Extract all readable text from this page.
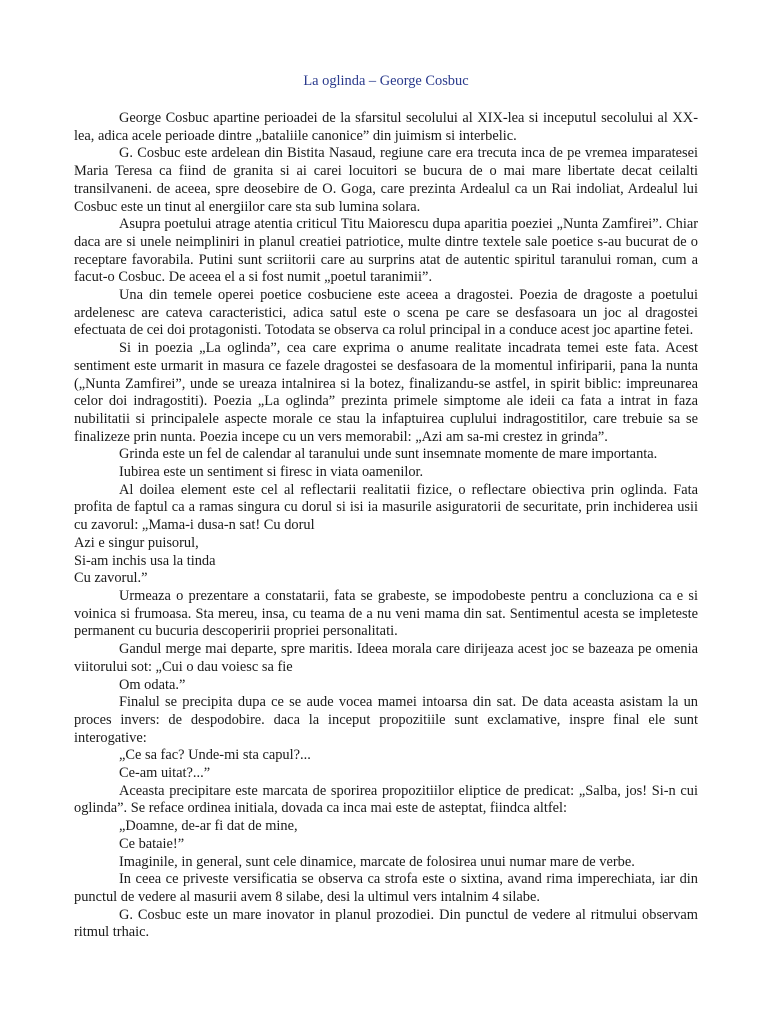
La oglinda – George Cosbuc

George Cosbuc apartine perioadei de la sfarsitul secolului al XIX-lea si inceputul secolului al XX-lea, adica acele perioade dintre „bataliile canonice” din juimism si interbelic.

G. Cosbuc este ardelean din Bistita Nasaud, regiune care era trecuta inca de pe vremea imparatesei Maria Teresa ca fiind de granita si ai carei locuitori se bucura de o mai mare libertate decat ceilalti transilvaneni. de aceea, spre deosebire de O. Goga, care prezinta Ardealul ca un Rai indoliat, Ardealul lui Cosbuc este un tinut al energiilor care sta sub lumina solara.

Asupra poetului atrage atentia criticul Titu Maiorescu dupa aparitia poeziei „Nunta Zamfirei”. Chiar daca are si unele neimpliniri in planul creatiei patriotice, multe dintre textele sale poetice s-au bucurat de o receptare favorabila. Putini sunt scriitorii care au surprins atat de autentic spiritul taranului roman, cum a facut-o Cosbuc. De aceea el a si fost numit „poetul taranimii”.

Una din temele operei poetice cosbuciene este aceea a dragostei. Poezia de dragoste a poetului ardelenesc are cateva caracteristici, adica satul este o scena pe care se desfasoara un joc al dragostei efectuata de cei doi protagonisti. Totodata se observa ca rolul principal in a conduce acest joc apartine fetei.

Si in poezia „La oglinda”, cea care exprima o anume realitate incadrata temei este fata. Acest sentiment este urmarit in masura ce fazele dragostei se desfasoara de la momentul infiriparii, pana la nunta („Nunta Zamfirei”, unde se ureaza intalnirea si la botez, finalizandu-se astfel, in spirit biblic: impreunarea celor doi indragostiti). Poezia „La oglinda” prezinta primele simptome ale ideii ca fata a intrat in faza nubilitatii si principalele aspecte morale ce stau la infaptuirea cuplului indragostitilor, care trebuie sa se finalizeze prin nunta. Poezia incepe cu un vers memorabil: „Azi am sa-mi crestez in grinda”.

Grinda este un fel de calendar al taranului unde sunt insemnate momente de mare importanta.

Iubirea este un sentiment si firesc in viata oamenilor.

Al doilea element este cel al reflectarii realitatii fizice, o reflectare obiectiva prin oglinda. Fata profita de faptul ca a ramas singura cu dorul si isi ia masurile asiguratorii de securitate, prin inchiderea usii cu zavorul: „Mama-i dusa-n sat! Cu dorul

Azi e singur puisorul,

Si-am inchis usa la tinda

Cu zavorul.”

Urmeaza o prezentare a constatarii, fata se grabeste, se impodobeste pentru a concluziona ca e si voinica si frumoasa. Sta mereu, insa, cu teama de a nu veni mama din sat. Sentimentul acesta se impleteste permanent cu bucuria descoperirii propriei personalitati.

Gandul merge mai departe, spre maritis. Ideea morala care dirijeaza acest joc se bazeaza pe omenia viitorului sot: „Cui o dau voiesc sa fie

Om odata.”

Finalul se precipita dupa ce se aude vocea mamei intoarsa din sat. De data aceasta asistam la un proces invers: de despodobire. daca la inceput propozitiile sunt exclamative, inspre final ele sunt interogative:

„Ce sa fac? Unde-mi sta capul?...

Ce-am uitat?...”

Aceasta precipitare este marcata de sporirea propozitiilor eliptice de predicat: „Salba, jos! Si-n cui oglinda”. Se reface ordinea initiala, dovada ca inca mai este de asteptat, fiindca altfel:

„Doamne, de-ar fi dat de mine,

Ce bataie!”

Imaginile, in general, sunt cele dinamice, marcate de folosirea unui numar mare de verbe.

In ceea ce priveste versificatia se observa ca strofa este o sixtina, avand rima imperechiata, iar din punctul de vedere al masurii avem 8 silabe, desi la ultimul vers intalnim 4 silabe.

G. Cosbuc este un mare inovator in planul prozodiei. Din punctul de vedere al ritmului observam ritmul trhaic.
